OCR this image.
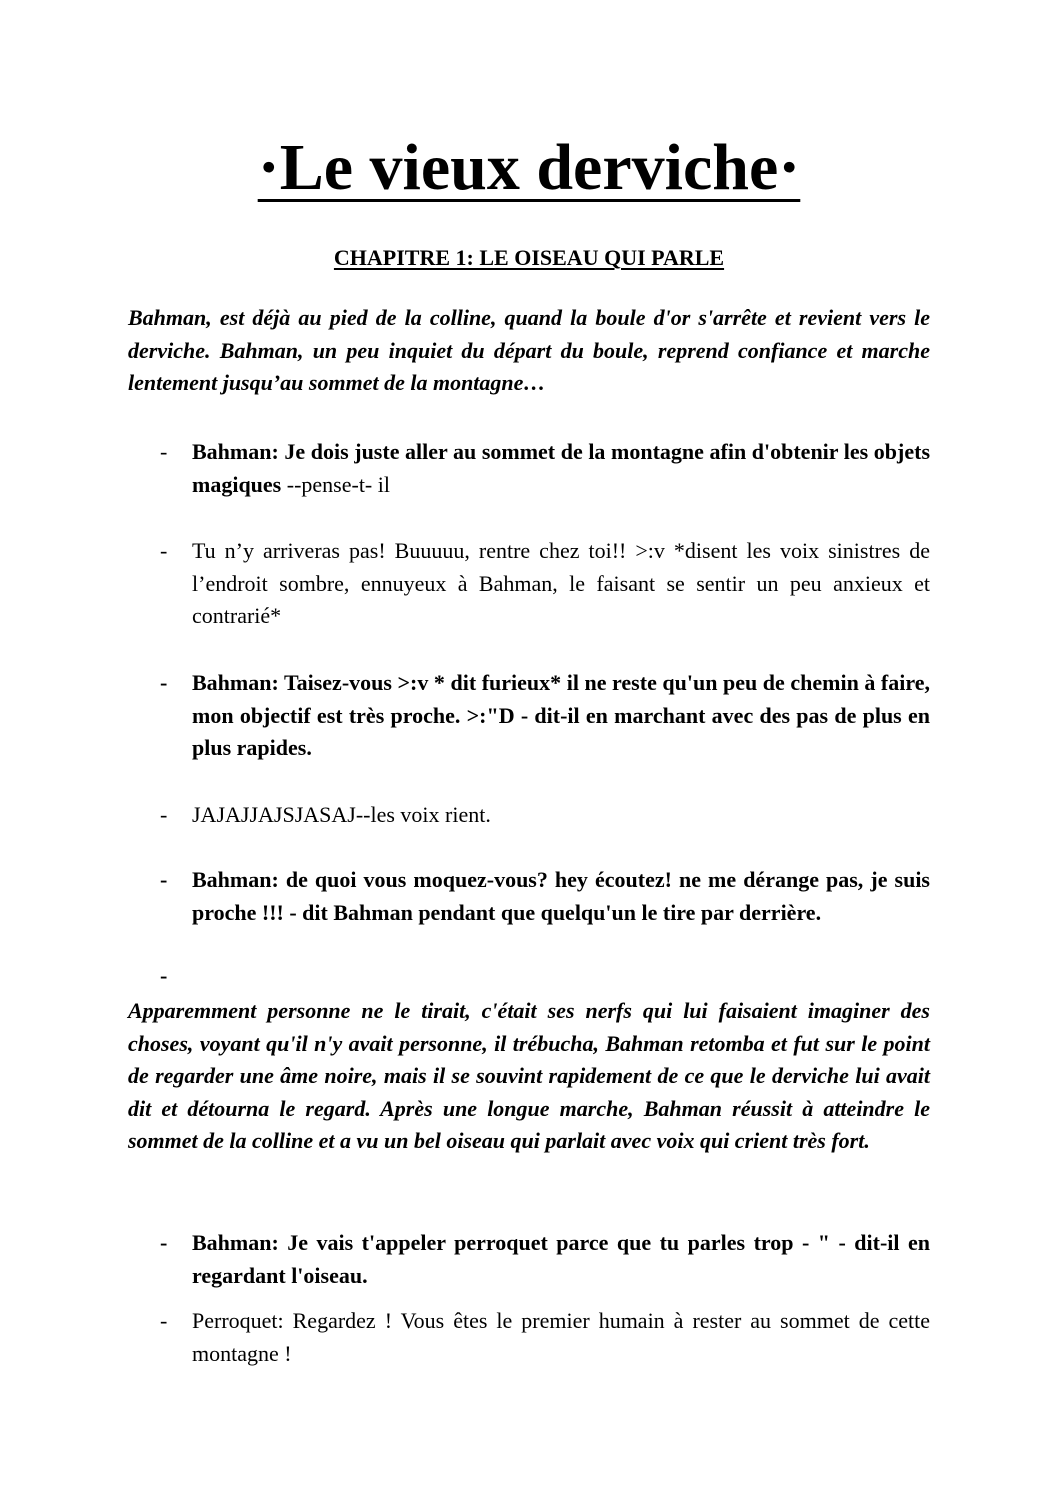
·Le vieux derviche·
CHAPITRE 1: LE OISEAU QUI PARLE

Bahman, est déjà au pied de la colline, quand la boule d'or s'arrête et revient vers le derviche. Bahman, un peu inquiet du départ du boule, reprend confiance et marche lentement jusqu’au sommet de la montagne…

- Bahman: Je dois juste aller au sommet de la montagne afin d'obtenir les objets magiques --pense-t- il
- Tu n’y arriveras pas! Buuuuu, rentre chez toi!! >:v *disent les voix sinistres de l’endroit sombre, ennuyeux à Bahman, le faisant se sentir un peu anxieux et contrarié*
- Bahman: Taisez-vous >:v * dit furieux* il ne reste qu'un peu de chemin à faire, mon objectif est très proche. >:"D - dit-il en marchant avec des pas de plus en plus rapides.
- JAJAJJAJSJASAJ--les voix rient.
- Bahman: de quoi vous moquez-vous? hey écoutez! ne me dérange pas, je suis proche !!! - dit Bahman pendant que quelqu'un le tire par derrière.
-

Apparemment personne ne le tirait, c'était ses nerfs qui lui faisaient imaginer des choses, voyant qu'il n'y avait personne, il trébucha, Bahman retomba et fut sur le point de regarder une âme noire, mais il se souvint rapidement de ce que le derviche lui avait dit et détourna le regard. Après une longue marche, Bahman réussit à atteindre le sommet de la colline et a vu un bel oiseau qui parlait avec voix qui crient très fort.

- Bahman: Je vais t'appeler perroquet parce que tu parles trop - " - dit-il en regardant l'oiseau.
- Perroquet: Regardez ! Vous êtes le premier humain à rester au sommet de cette montagne !
